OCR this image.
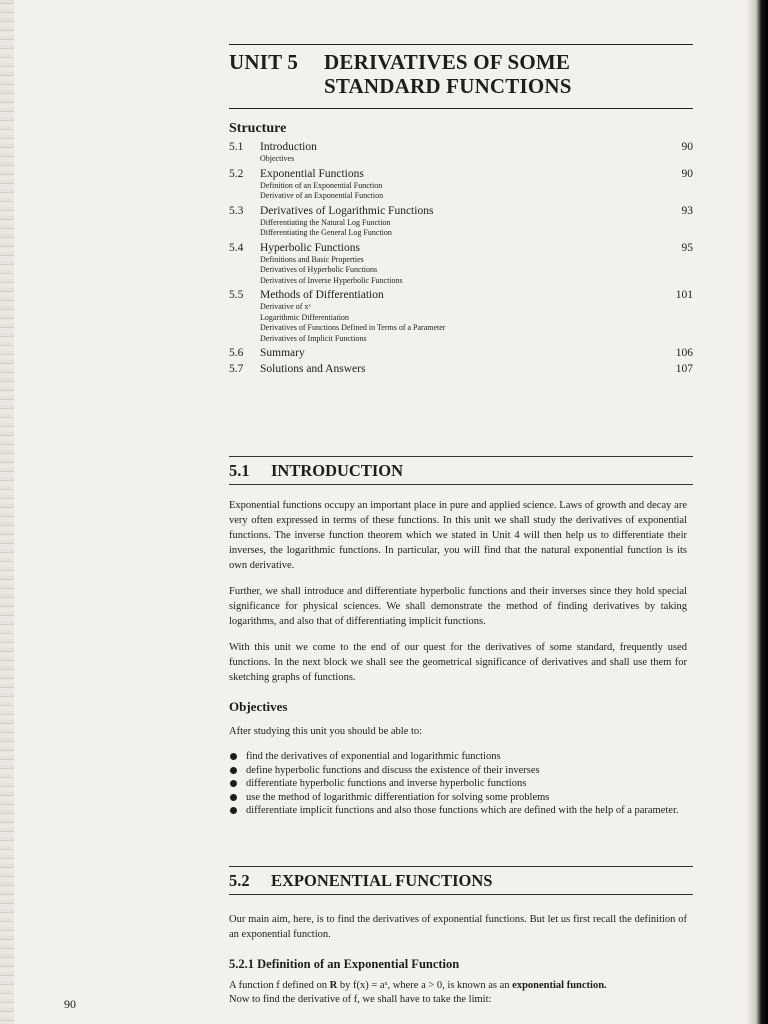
UNIT 5 DERIVATIVES OF SOME
STANDARD FUNCTIONS
Structure
5.1	Introduction	90
Objectives
5.2	Exponential Functions	90
Definition of an Exponential Function
Derivative of an Exponential Function
5.3	Derivatives of Logarithmic Functions	93
Differentiating the Natural Log Function
Differentiating the General Log Function
5.4	Hyperbolic Functions	95
Definitions and Basic Properties
Derivatives of Hyperbolic Functions
Derivatives of Inverse Hyperbolic Functions
5.5	Methods of Differentiation	101
Derivative of xˣ
Logarithmic Differentiation
Derivatives of Functions Defined in Terms of a Parameter
Derivatives of Implicit Functions
5.6	Summary	106
5.7	Solutions and Answers	107
5.1 INTRODUCTION
Exponential functions occupy an important place in pure and applied science. Laws of growth and decay are very often expressed in terms of these functions. In this unit we shall study the derivatives of exponential functions. The inverse function theorem which we stated in Unit 4 will then help us to differentiate their inverses, the logarithmic functions. In particular, you will find that the natural exponential function is its own derivative.
Further, we shall introduce and differentiate hyperbolic functions and their inverses since they hold special significance for physical sciences. We shall demonstrate the method of finding derivatives by taking logarithms, and also that of differentiating implicit functions.
With this unit we come to the end of our quest for the derivatives of some standard, frequently used functions. In the next block we shall see the geometrical significance of derivatives and shall use them for sketching graphs of functions.
Objectives
After studying this unit you should be able to:
find the derivatives of exponential and logarithmic functions
define hyperbolic functions and discuss the existence of their inverses
differentiate hyperbolic functions and inverse hyperbolic functions
use the method of logarithmic differentiation for solving some problems
differentiate implicit functions and also those functions which are defined with the help of a parameter.
5.2 EXPONENTIAL FUNCTIONS
Our main aim, here, is to find the derivatives of exponential functions. But let us first recall the definition of an exponential function.
5.2.1 Definition of an Exponential Function
A function f defined on R by f(x) = aˣ, where a > 0, is known as an exponential function.
Now to find the derivative of f, we shall have to take the limit:
90
